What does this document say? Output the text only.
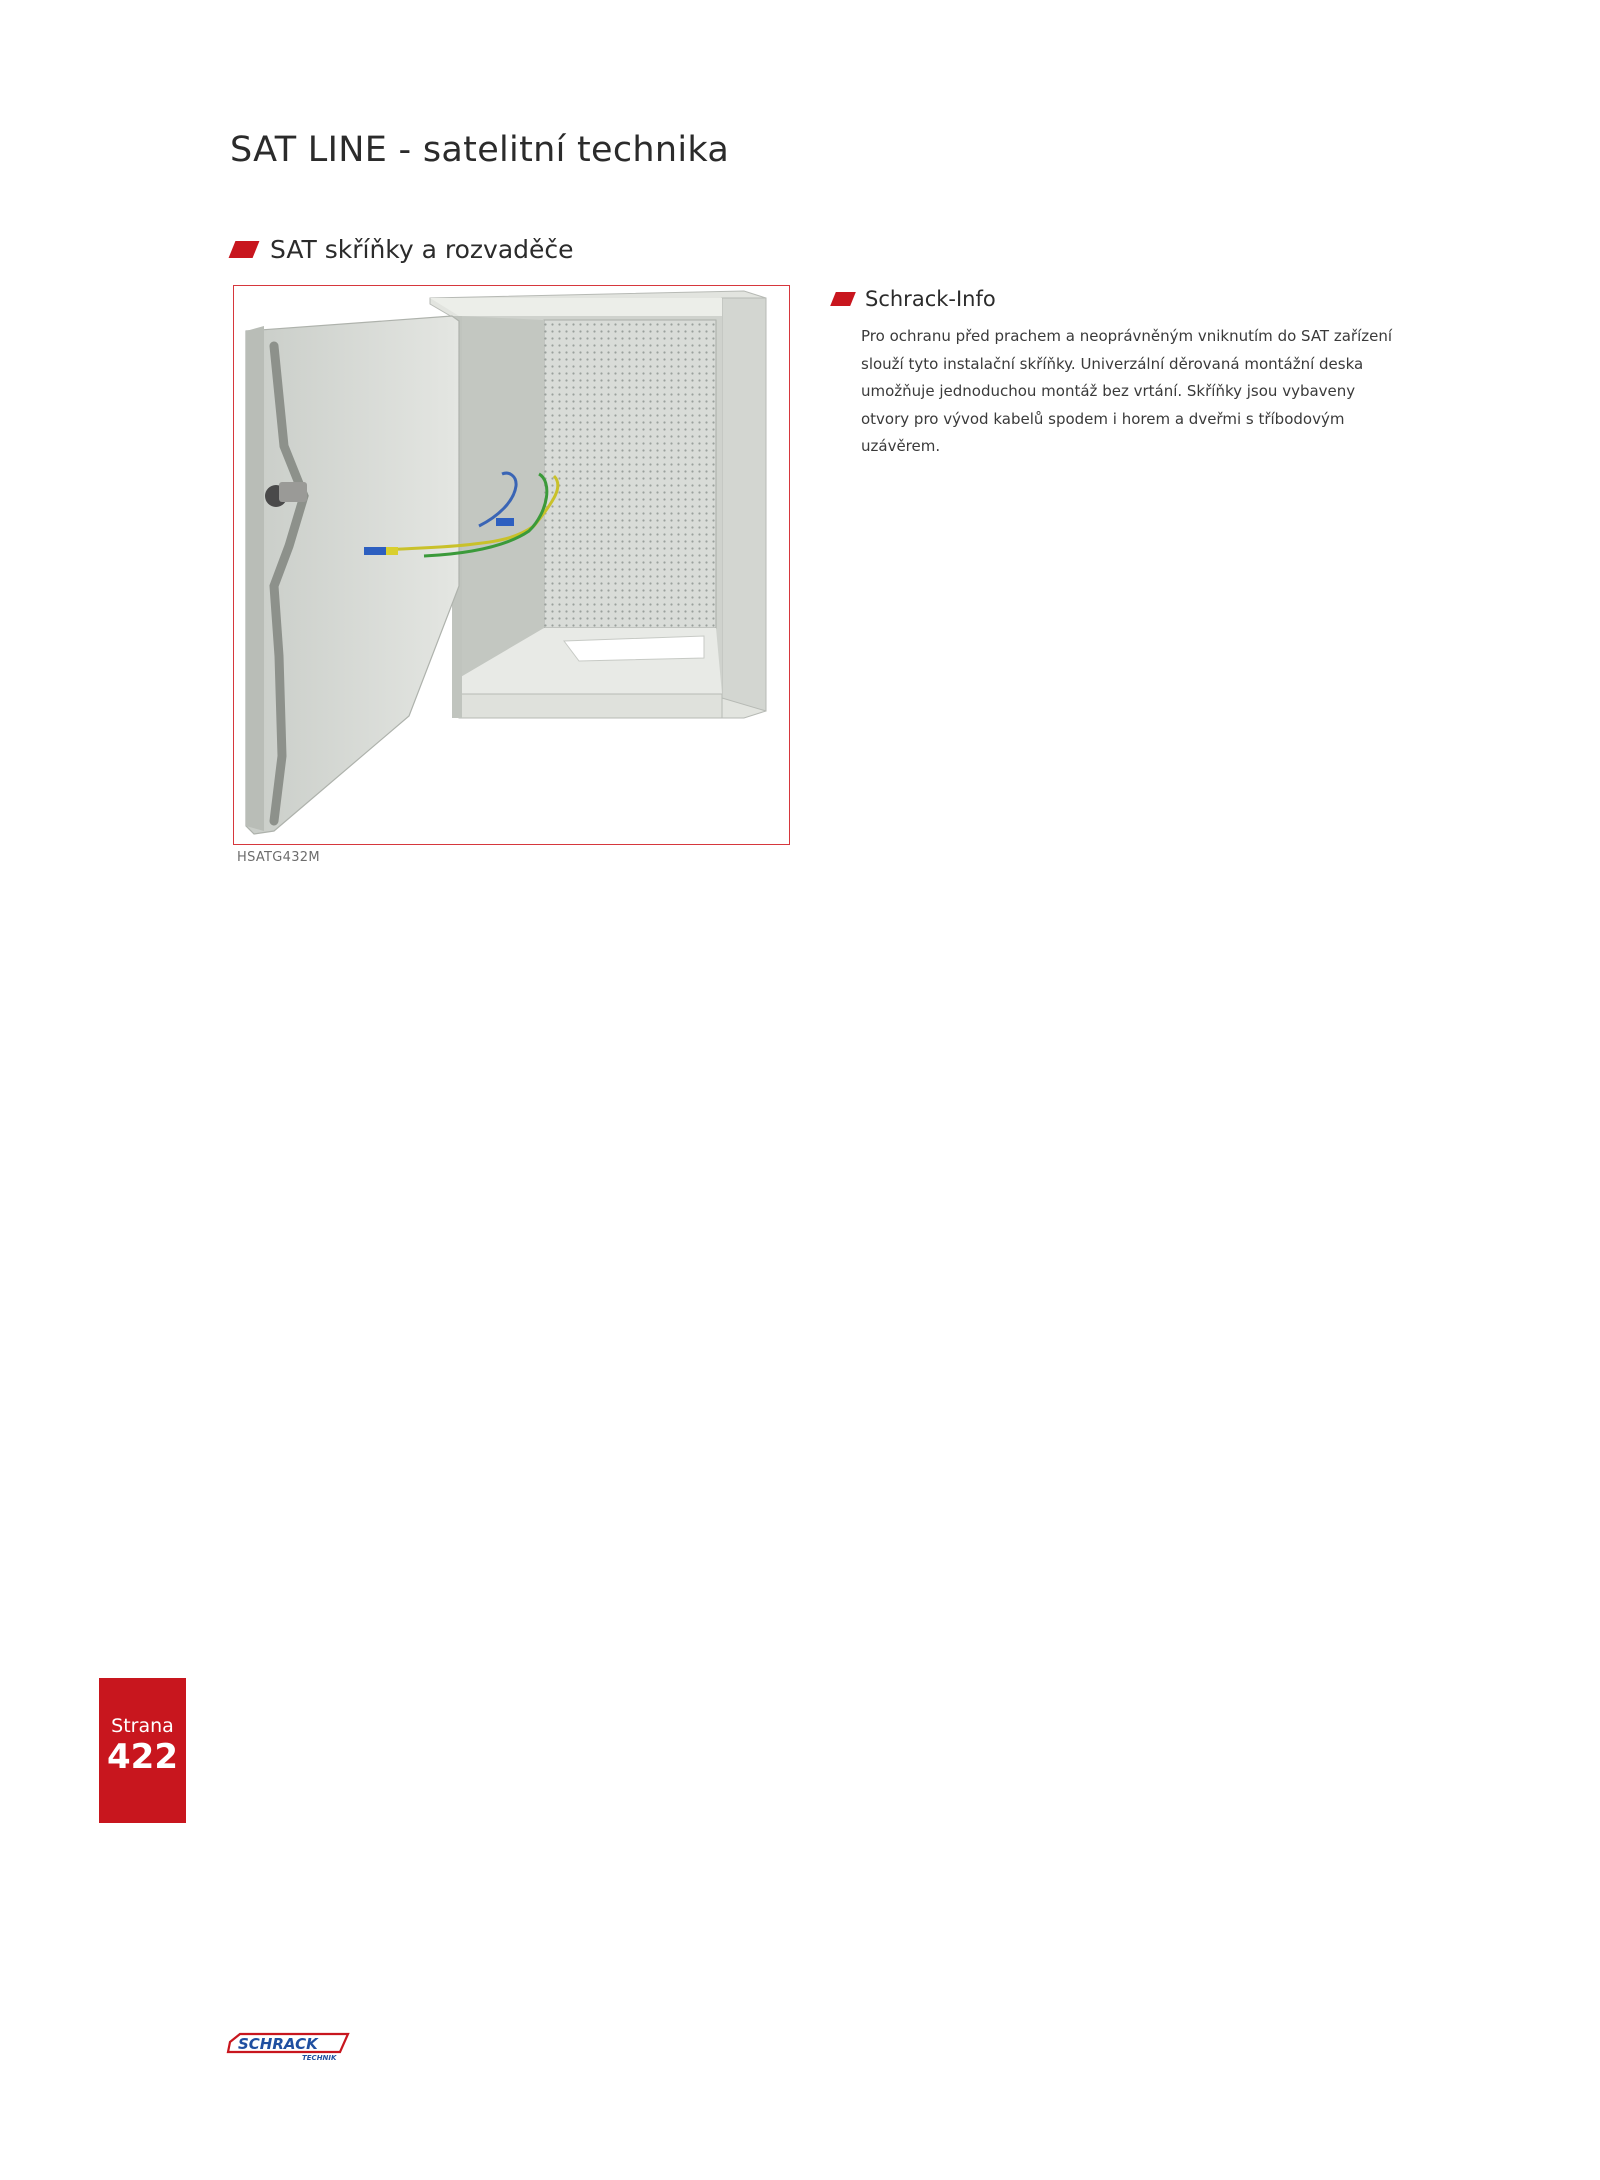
SAT LINE - satelitní technika
SAT skříňky a rozvaděče
HSATG432M
Schrack-Info

Pro ochranu před prachem a neoprávněným vniknutím do SAT zařízení slouží tyto instalační skříňky. Univerzální děrovaná montážní deska umožňuje jednoduchou montáž bez vrtání. Skříňky jsou vybaveny otvory pro vývod kabelů spodem i horem a dveřmi s tříbodovým uzávěrem.

Strana
422
SCHRACK
TECHNIK
